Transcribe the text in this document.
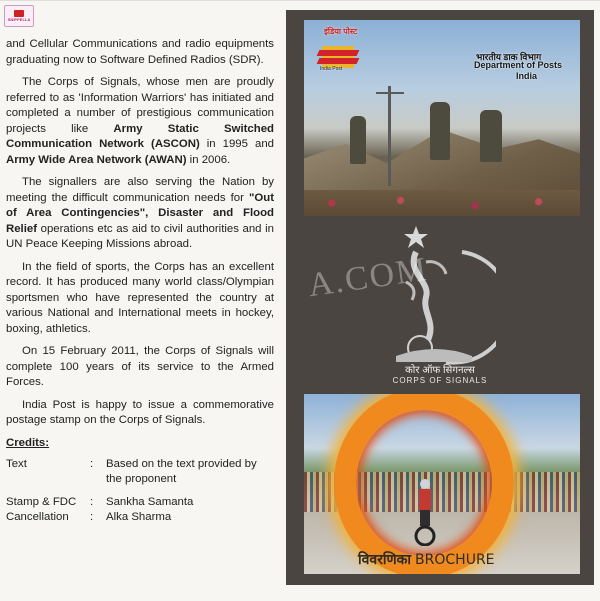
SNIPPELLA

and Cellular Communications and radio equipments graduating now to Software Defined Radios (SDR).

The Corps of Signals, whose men are proudly referred to as 'Information Warriors' has initiated and completed a number of prestigious communication projects like Army Static Switched Communication Network (ASCON) in 1995 and Army Wide Area Network (AWAN) in 2006.

The signallers are also serving the Nation by meeting the difficult communication needs for "Out of Area Contingencies", Disaster and Flood Relief operations etc as aid to civil authorities and in UN Peace Keeping Missions abroad.

In the field of sports, the Corps has an excellent record. It has produced many world class/Olympian sportsmen who have represented the country at various National and International meets in hockey, boxing, athletics.

On 15 February 2011, the Corps of Signals will complete 100 years of its service to the Armed Forces.

India Post is happy to issue a commemorative postage stamp on the Corps of Signals.

Credits:
Text	:	Based on the text provided by the proponent
Stamp & FDC	:	Sankha Samanta
Cancellation	:	Alka Sharma
इंडिया पोस्ट
India Post
भारतीय डाक विभाग
Department of Posts
India
कोर ऑफ सिगनल्स
CORPS OF SIGNALS
विवरणिका BROCHURE
A.COM
